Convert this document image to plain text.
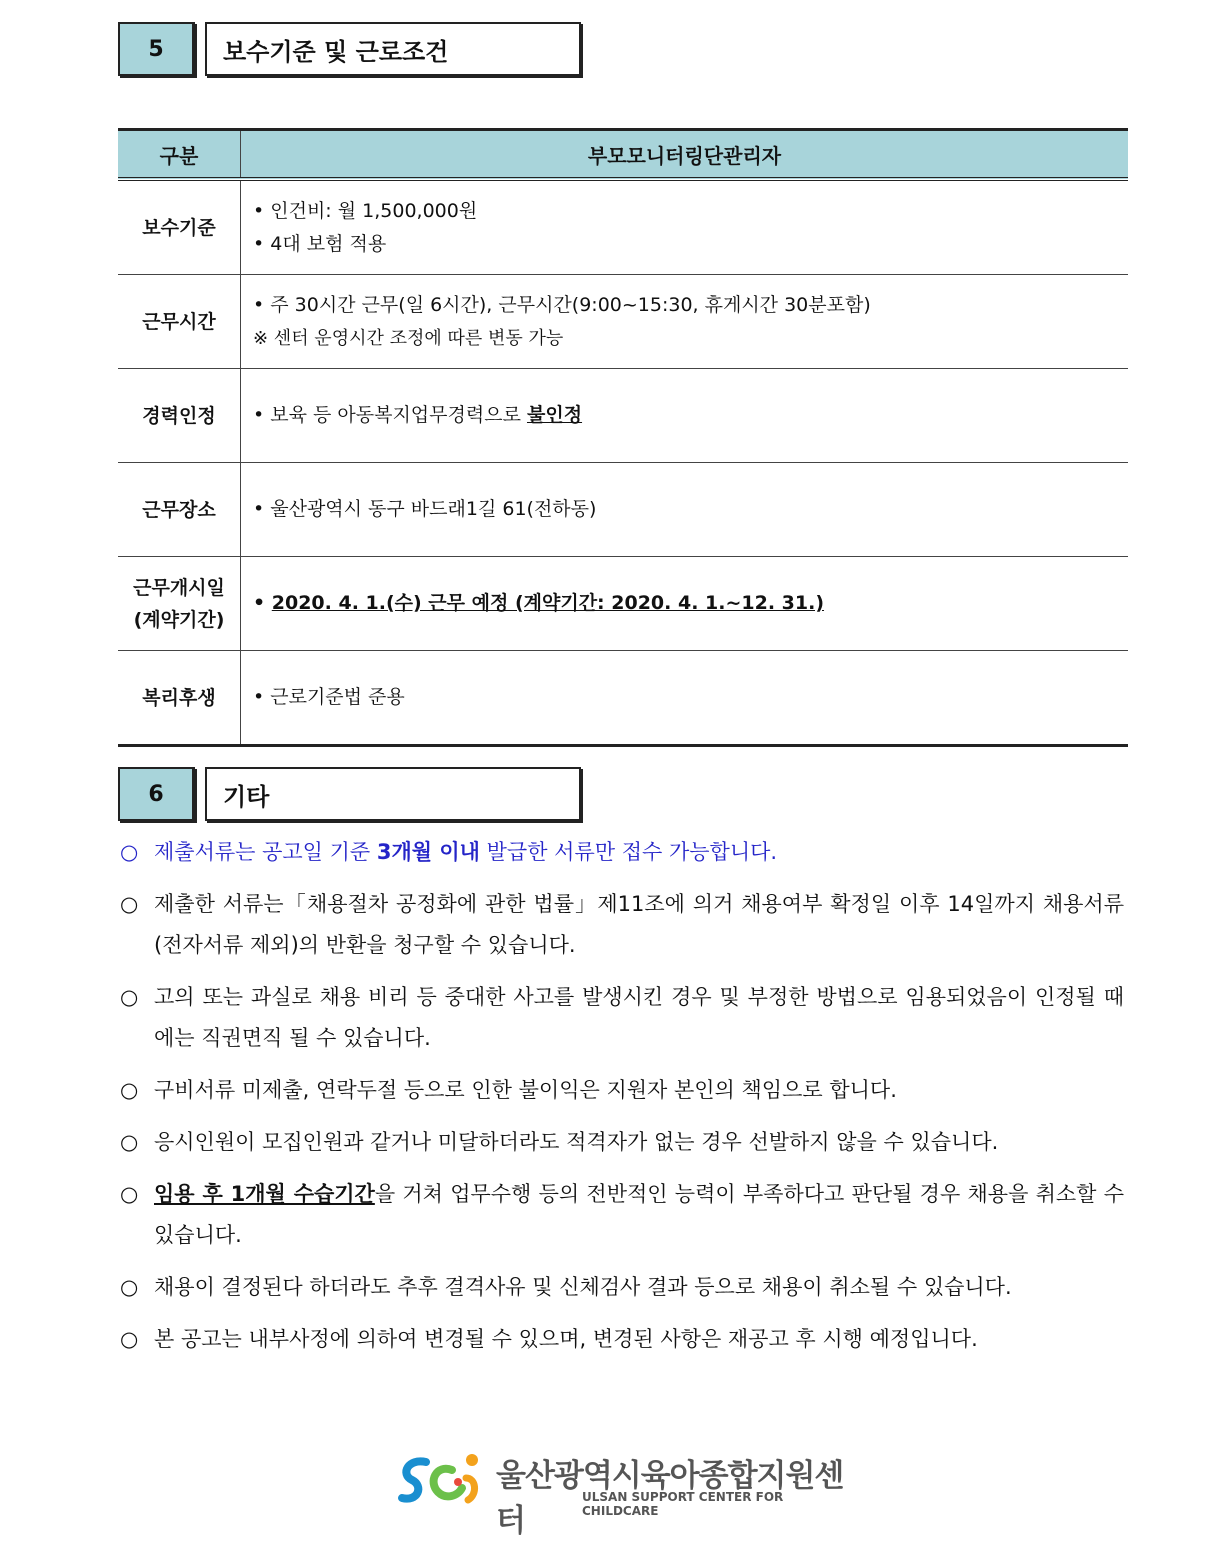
5	보수기준 및 근로조건
구분	부모모니터링단관리자
보수기준	• 인건비: 월 1,500,000원
• 4대 보험 적용

근무시간	• 주 30시간 근무(일 6시간), 근무시간(9:00~15:30, 휴게시간 30분포함)
※ 센터 운영시간 조정에 따른 변동 가능

경력인정	• 보육 등 아동복지업무경력으로 불인정
근무장소	• 울산광역시 동구 바드래1길 61(전하동)

근무개시일
(계약기간)	• 2020. 4. 1.(수) 근무 예정 (계약기간: 2020. 4. 1.~12. 31.)
복리후생	• 근로기준법 준용
6	기타
○ 제출서류는 공고일 기준 3개월 이내 발급한 서류만 접수 가능합니다.
○ 제출한 서류는「채용절차 공정화에 관한 법률」제11조에 의거 채용여부 확정일 이후 14일까지 채용서류(전자서류 제외)의 반환을 청구할 수 있습니다.
○ 고의 또는 과실로 채용 비리 등 중대한 사고를 발생시킨 경우 및 부정한 방법으로 임용되었음이 인정될 때에는 직권면직 될 수 있습니다.
○ 구비서류 미제출, 연락두절 등으로 인한 불이익은 지원자 본인의 책임으로 합니다.
○ 응시인원이 모집인원과 같거나 미달하더라도 적격자가 없는 경우 선발하지 않을 수 있습니다.
○ 임용 후 1개월 수습기간을 거쳐 업무수행 등의 전반적인 능력이 부족하다고 판단될 경우 채용을 취소할 수 있습니다.
○ 채용이 결정된다 하더라도 추후 결격사유 및 신체검사 결과 등으로 채용이 취소될 수 있습니다.
○ 본 공고는 내부사정에 의하여 변경될 수 있으며, 변경된 사항은 재공고 후 시행 예정입니다.
울산광역시육아종합지원센터
ULSAN SUPPORT CENTER FOR CHILDCARE
